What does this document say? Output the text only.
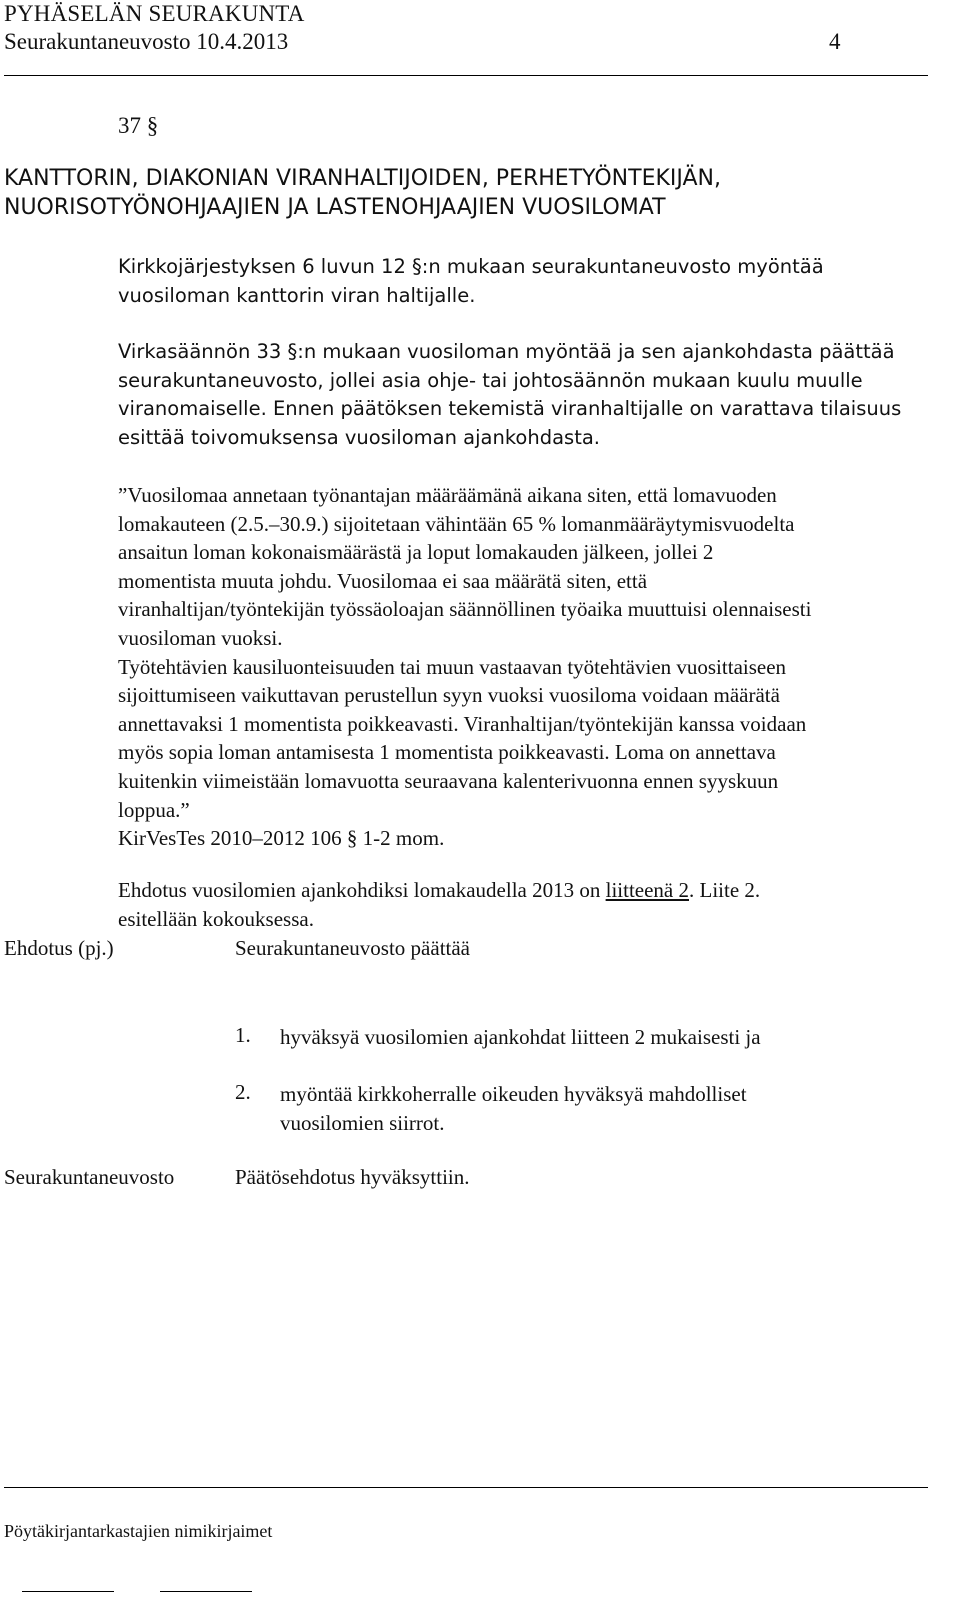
PYHÄSELÄN SEURAKUNTA
Seurakuntaneuvosto 10.4.2013	4
37 §
KANTTORIN, DIAKONIAN VIRANHALTIJOIDEN, PERHETYÖNTEKIJÄN,
NUORISOTYÖNOHJAAJIEN JA LASTENOHJAAJIEN VUOSILOMAT
Kirkkojärjestyksen 6 luvun 12 §:n mukaan seurakuntaneuvosto myöntää
vuosiloman kanttorin viran haltijalle.
Virkasäännön 33 §:n mukaan vuosiloman myöntää ja sen ajankohdasta päättää
seurakuntaneuvosto, jollei asia ohje- tai johtosäännön mukaan kuulu muulle
viranomaiselle. Ennen päätöksen tekemistä viranhaltijalle on varattava tilaisuus
esittää toivomuksensa vuosiloman ajankohdasta.
”Vuosilomaa annetaan työnantajan määräämänä aikana siten, että lomavuoden
lomakauteen (2.5.–30.9.) sijoitetaan vähintään 65 % lomanmääräytymisvuodelta
ansaitun loman kokonaismäärästä ja loput lomakauden jälkeen, jollei 2
momentista muuta johdu. Vuosilomaa ei saa määrätä siten, että
viranhaltijan/työntekijän työssäoloajan säännöllinen työaika muuttuisi olennaisesti
vuosiloman vuoksi.
Työtehtävien kausiluonteisuuden tai muun vastaavan työtehtävien vuosittaiseen
sijoittumiseen vaikuttavan perustellun syyn vuoksi vuosiloma voidaan määrätä
annettavaksi 1 momentista poikkeavasti. Viranhaltijan/työntekijän kanssa voidaan
myös sopia loman antamisesta 1 momentista poikkeavasti. Loma on annettava
kuitenkin viimeistään lomavuotta seuraavana kalenterivuonna ennen syyskuun
loppua.”
KirVesTes 2010–2012 106 § 1-2 mom.
Ehdotus vuosilomien ajankohdiksi lomakaudella 2013 on liitteenä 2. Liite 2.
esitellään kokouksessa.
Ehdotus (pj.)	Seurakuntaneuvosto päättää
1. hyväksyä vuosilomien ajankohdat liitteen 2 mukaisesti ja
2. myöntää kirkkoherralle oikeuden hyväksyä mahdolliset
vuosilomien siirrot.
Seurakuntaneuvosto	Päätösehdotus hyväksyttiin.
Pöytäkirjantarkastajien nimikirjaimet
